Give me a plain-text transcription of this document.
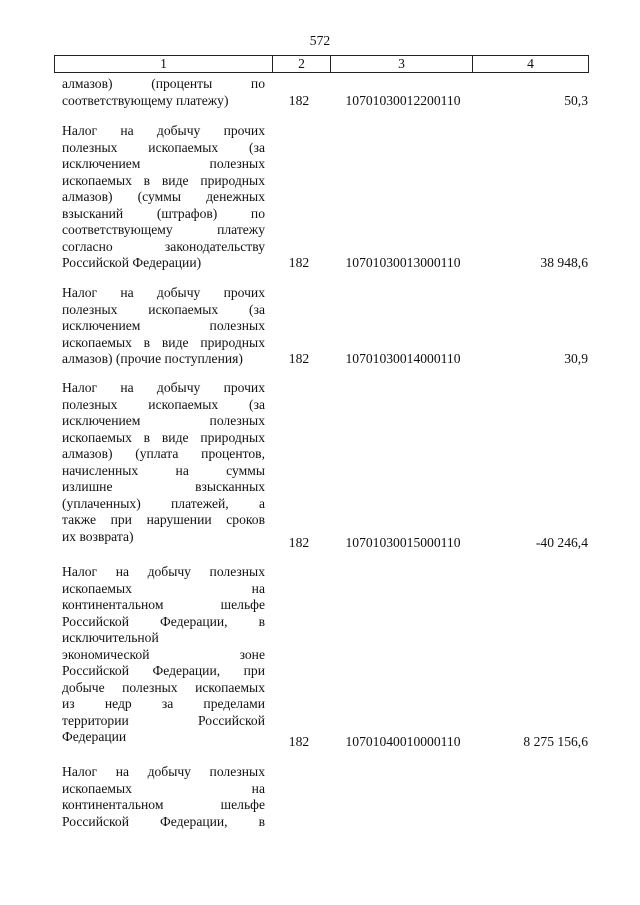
572
1	2	3	4

алмазов) (проценты по
соответствующему платежу)	182	10701030012200110	50,3

Налог на добычу прочих
полезных ископаемых (за
исключением полезных
ископаемых в виде природных
алмазов) (суммы денежных
взысканий (штрафов) по
соответствующему платежу
согласно законодательству
Российской Федерации)	182	10701030013000110	38 948,6

Налог на добычу прочих
полезных ископаемых (за
исключением полезных
ископаемых в виде природных
алмазов) (прочие поступления)	182	10701030014000110	30,9

Налог на добычу прочих
полезных ископаемых (за
исключением полезных
ископаемых в виде природных
алмазов) (уплата процентов,
начисленных на суммы
излишне взысканных
(уплаченных) платежей, а
также при нарушении сроков
их возврата)	182	10701030015000110	-40 246,4

Налог на добычу полезных
ископаемых на
континентальном шельфе
Российской Федерации, в
исключительной
экономической зоне
Российской Федерации, при
добыче полезных ископаемых
из недр за пределами
территории Российской
Федерации	182	10701040010000110	8 275 156,6

Налог на добычу полезных
ископаемых на
континентальном шельфе
Российской Федерации, в
